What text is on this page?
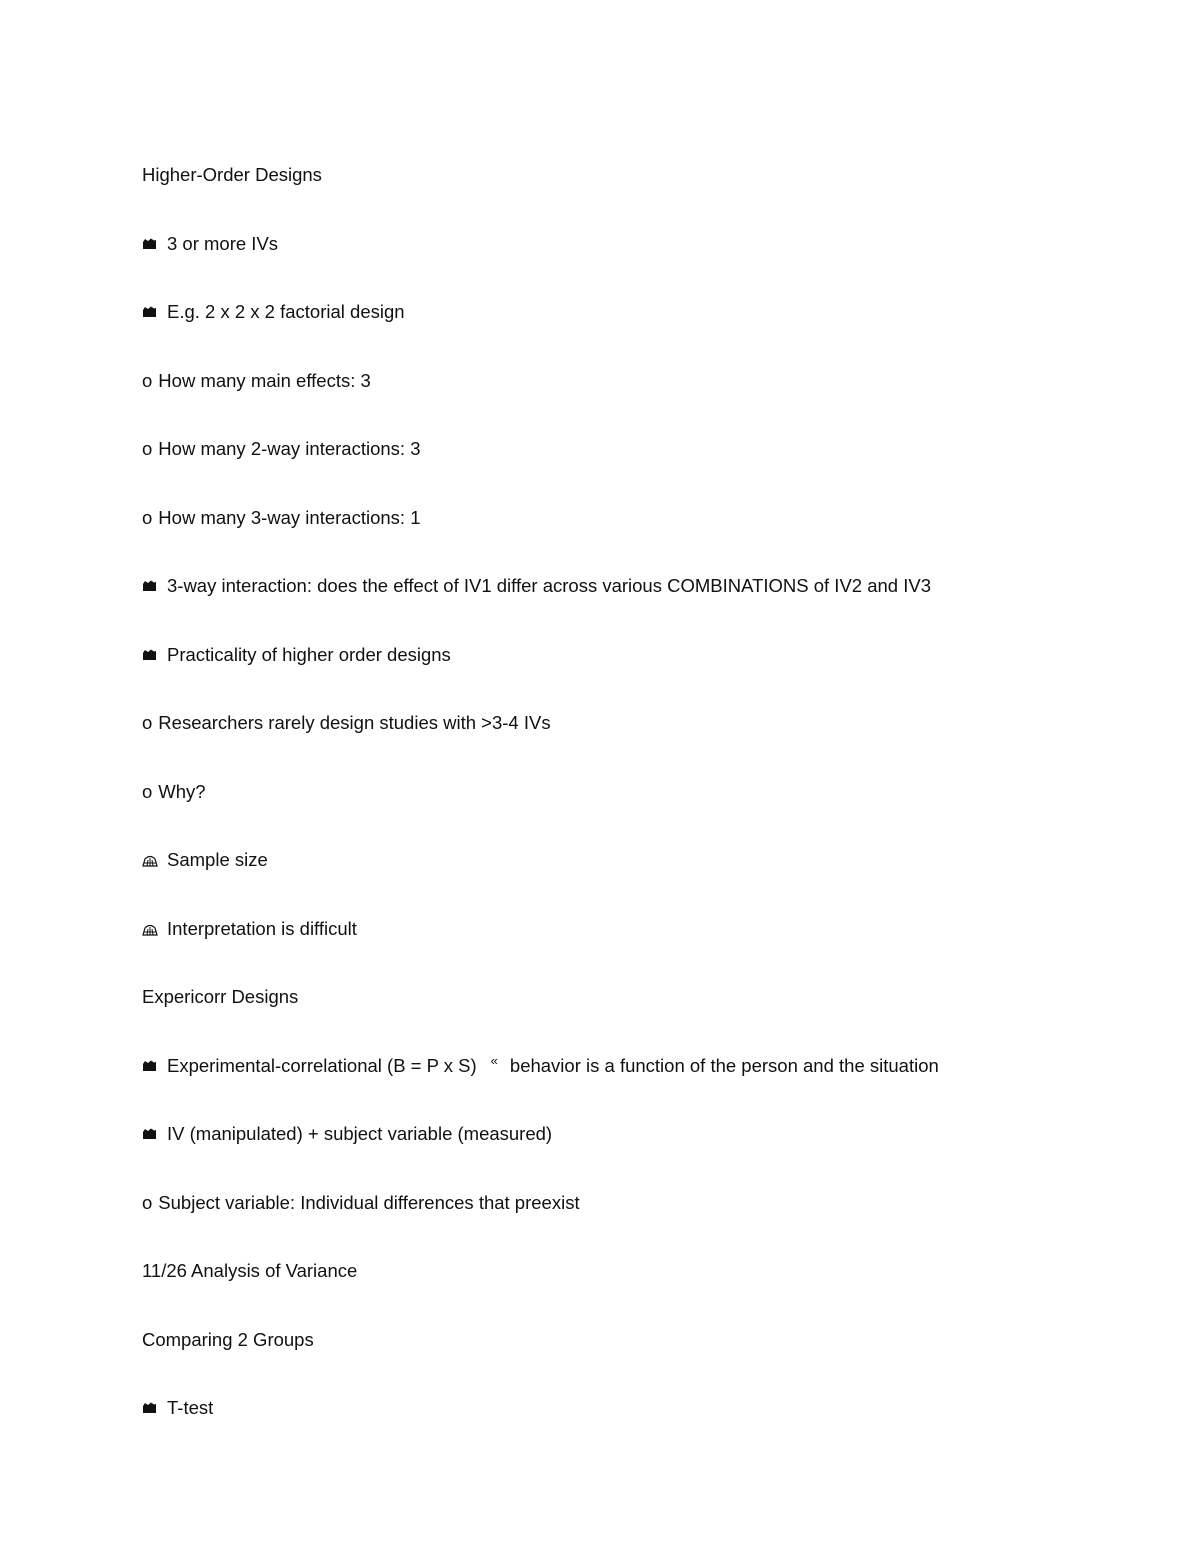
Higher-Order Designs
3 or more IVs
E.g. 2 x 2 x 2 factorial design
o How many main effects: 3
o How many 2-way interactions: 3
o How many 3-way interactions: 1
3-way interaction: does the effect of IV1 differ across various COMBINATIONS of IV2 and IV3
Practicality of higher order designs
o Researchers rarely design studies with >3-4 IVs
o Why?
Sample size
Interpretation is difficult
Expericorr Designs
Experimental-correlational (B = P x S) « behavior is a function of the person and the situation
IV (manipulated) + subject variable (measured)
o Subject variable: Individual differences that preexist
11/26 Analysis of Variance
Comparing 2 Groups
T-test
